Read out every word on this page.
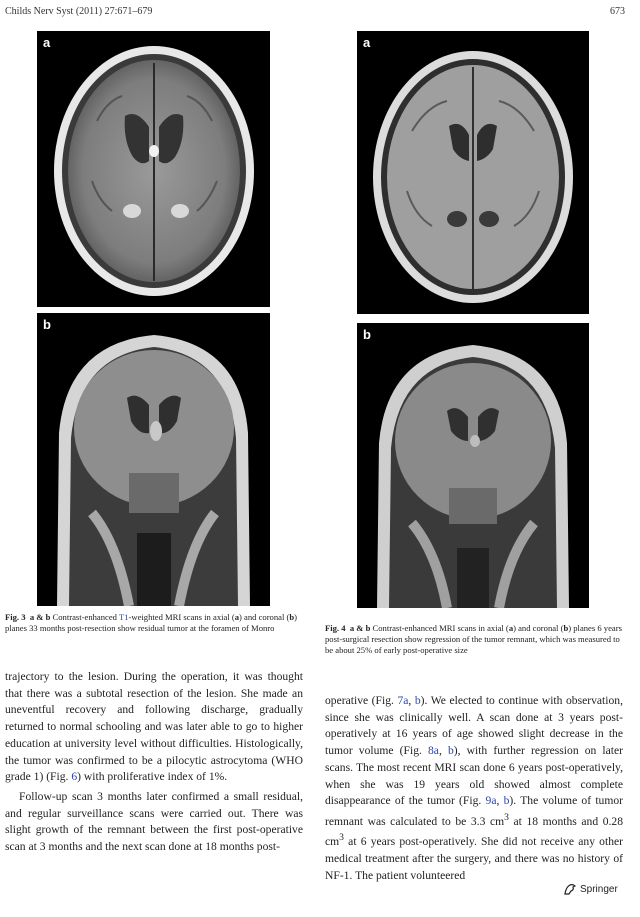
Childs Nerv Syst (2011) 27:671–679	673
a
b
a
b
Fig. 3 a & b Contrast-enhanced T1-weighted MRI scans in axial (a) and coronal (b) planes 33 months post-resection show residual tumor at the foramen of Monro	Fig. 4 a & b Contrast-enhanced MRI scans in axial (a) and coronal (b) planes 6 years post-surgical resection show regression of the tumor remnant, which was measured to be about 25% of early post-operative size

trajectory to the lesion. During the operation, it was thought that there was a subtotal resection of the lesion. She made an uneventful recovery and following discharge, gradually returned to normal schooling and was later able to go to higher education at university level without difficulties. Histologically, the tumor was confirmed to be a pilocytic astrocytoma (WHO grade 1) (Fig. 6) with proliferative index of 1%.

Follow-up scan 3 months later confirmed a small residual, and regular surveillance scans were carried out. There was slight growth of the remnant between the first post-operative scan at 3 months and the next scan done at 18 months post-

operative (Fig. 7a, b). We elected to continue with observation, since she was clinically well. A scan done at 3 years post-operatively at 16 years of age showed slight decrease in the tumor volume (Fig. 8a, b), with further regression on later scans. The most recent MRI scan done 6 years post-operatively, when she was 19 years old showed almost complete disappearance of the tumor (Fig. 9a, b). The volume of tumor remnant was calculated to be 3.3 $cm^3$ at 18 months and 0.28 $cm^3$ at 6 years post-operatively. She did not receive any other medical treatment after the surgery, and there was no history of NF-1. The patient volunteered

Springer
